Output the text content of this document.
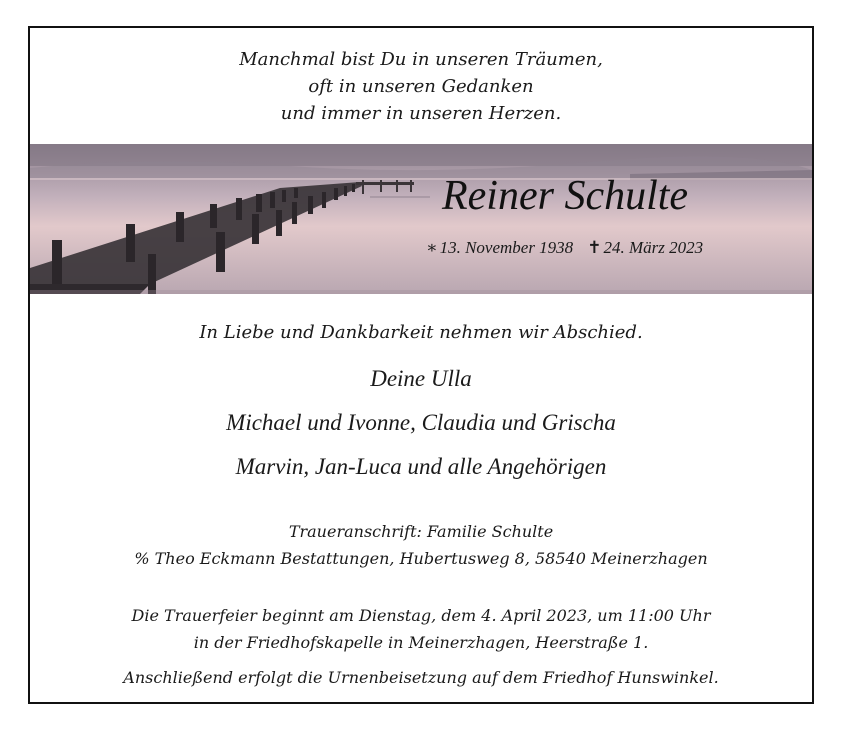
Manchmal bist Du in unseren Träumen,
oft in unseren Gedanken
und immer in unseren Herzen.
Reiner Schulte
∗ 13. November 1938 ✝ 24. März 2023
In Liebe und Dankbarkeit nehmen wir Abschied.
Deine Ulla
Michael und Ivonne, Claudia und Grischa
Marvin, Jan-Luca und alle Angehörigen
Traueranschrift: Familie Schulte
% Theo Eckmann Bestattungen, Hubertusweg 8, 58540 Meinerzhagen
Die Trauerfeier beginnt am Dienstag, dem 4. April 2023, um 11:00 Uhr
in der Friedhofskapelle in Meinerzhagen, Heerstraße 1.
Anschließend erfolgt die Urnenbeisetzung auf dem Friedhof Hunswinkel.
